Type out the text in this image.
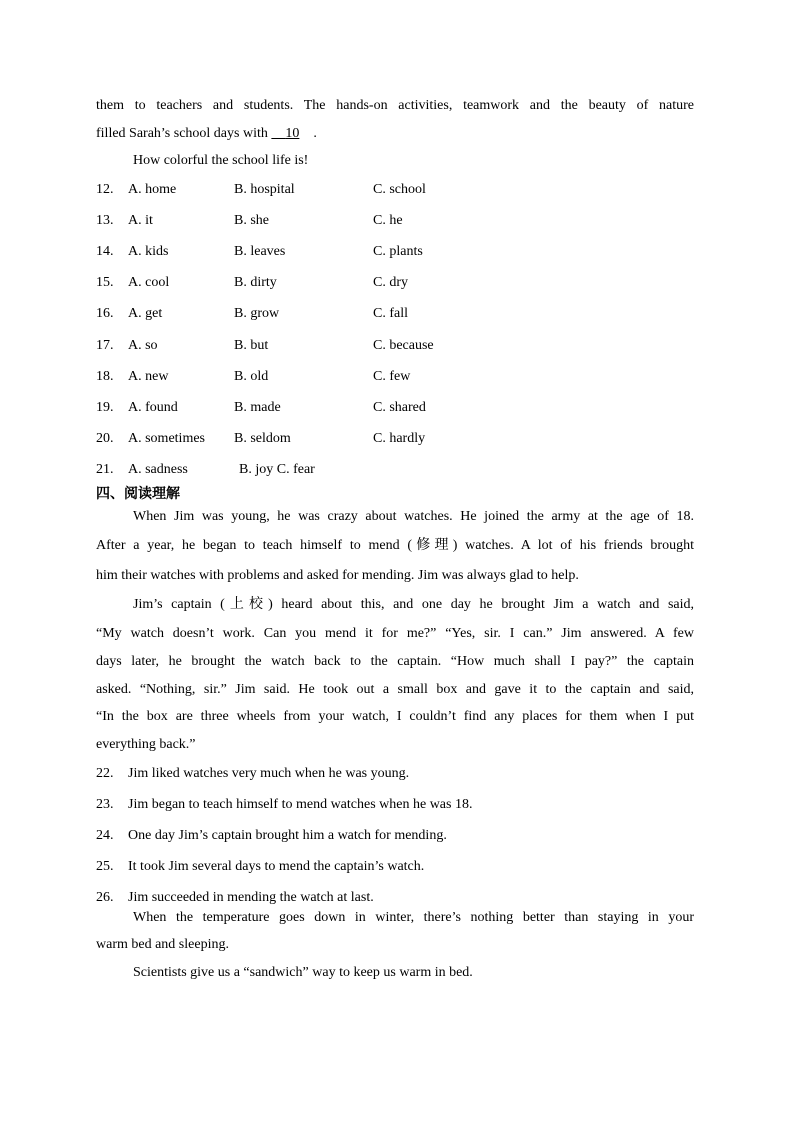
them to teachers and students. The hands-on activities, teamwork and the beauty of nature
filled Sarah’s school days with 10 .
How colorful the school life is!
12. A. home	B. hospital	C. school
13. A. it	B. she	C. he
14. A. kids	B. leaves	C. plants
15. A. cool	B. dirty	C. dry
16. A. get	B. grow	C. fall
17. A. so	B. but	C. because
18. A. new	B. old	C. few
19. A. found	B. made	C. shared
20. A. sometimes B. seldom	C. hardly
21. A. sadness	B. joy C. fear
四、阅读理解
When Jim was young, he was crazy about watches. He joined the army at the age of 18.
After a year, he began to teach himself to mend (修理) watches. A lot of his friends brought
him their watches with problems and asked for mending. Jim was always glad to help.
Jim’s captain (上校) heard about this, and one day he brought Jim a watch and said,
“My watch doesn’t work. Can you mend it for me?” “Yes, sir. I can.” Jim answered. A few
days later, he brought the watch back to the captain. “How much shall I pay?” the captain
asked. “Nothing, sir.” Jim said. He took out a small box and gave it to the captain and said,
“In the box are three wheels from your watch, I couldn’t find any places for them when I put
everything back.”
22. Jim liked watches very much when he was young.
23. Jim began to teach himself to mend watches when he was 18.
24. One day Jim’s captain brought him a watch for mending.
25. It took Jim several days to mend the captain’s watch.
26. Jim succeeded in mending the watch at last.
When the temperature goes down in winter, there’s nothing better than staying in your
warm bed and sleeping.
Scientists give us a “sandwich” way to keep us warm in bed.
